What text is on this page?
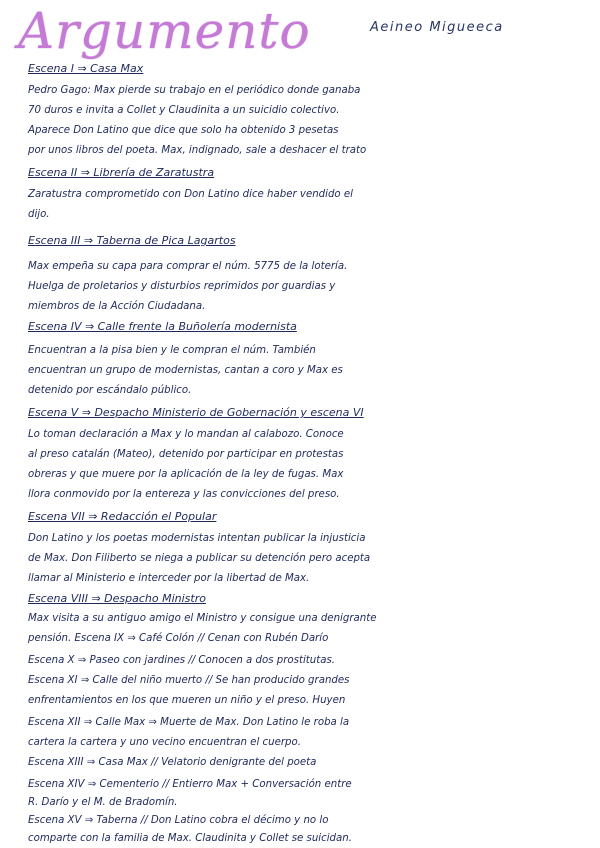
Argumento	Aeineo Migueeca
Escena I ⇒ Casa Max
Pedro Gago: Max pierde su trabajo en el periódico donde ganaba
70 duros e invita a Collet y Claudinita a un suicidio colectivo.
Aparece Don Latino que dice que solo ha obtenido 3 pesetas
por unos libros del poeta. Max, indignado, sale a deshacer el trato
Escena II ⇒ Librería de Zaratustra
Zaratustra comprometido con Don Latino dice haber vendido el
dijo.
Escena III ⇒ Taberna de Pica Lagartos
Max empeña su capa para comprar el núm. 5775 de la lotería.
Huelga de proletarios y disturbios reprimidos por guardias y
miembros de la Acción Ciudadana.
Escena IV ⇒ Calle frente la Buñolería modernista
Encuentran a la pisa bien y le compran el núm. También
encuentran un grupo de modernistas, cantan a coro y Max es
detenido por escándalo público.
Escena V ⇒ Despacho Ministerio de Gobernación y escena VI
Lo toman declaración a Max y lo mandan al calabozo. Conoce
al preso catalán (Mateo), detenido por participar en protestas
obreras y que muere por la aplicación de la ley de fugas. Max
llora conmovido por la entereza y las convicciones del preso.
Escena VII ⇒ Redacción el Popular
Don Latino y los poetas modernistas intentan publicar la injusticia
de Max. Don Filiberto se niega a publicar su detención pero acepta
llamar al Ministerio e interceder por la libertad de Max.
Escena VIII ⇒ Despacho Ministro
Max visita a su antiguo amigo el Ministro y consigue una denigrante
pensión. Escena IX ⇒ Café Colón // Cenan con Rubén Darío
Escena X ⇒ Paseo con jardines // Conocen a dos prostitutas.
Escena XI ⇒ Calle del niño muerto // Se han producido grandes
enfrentamientos en los que mueren un niño y el preso. Huyen
Escena XII ⇒ Calle Max ⇒ Muerte de Max. Don Latino le roba la
cartera la cartera y uno vecino encuentran el cuerpo.
Escena XIII ⇒ Casa Max // Velatorio denigrante del poeta
Escena XIV ⇒ Cementerio // Entierro Max + Conversación entre
R. Darío y el M. de Bradomín.
Escena XV ⇒ Taberna // Don Latino cobra el décimo y no lo
comparte con la familia de Max. Claudinita y Collet se suicidan.
